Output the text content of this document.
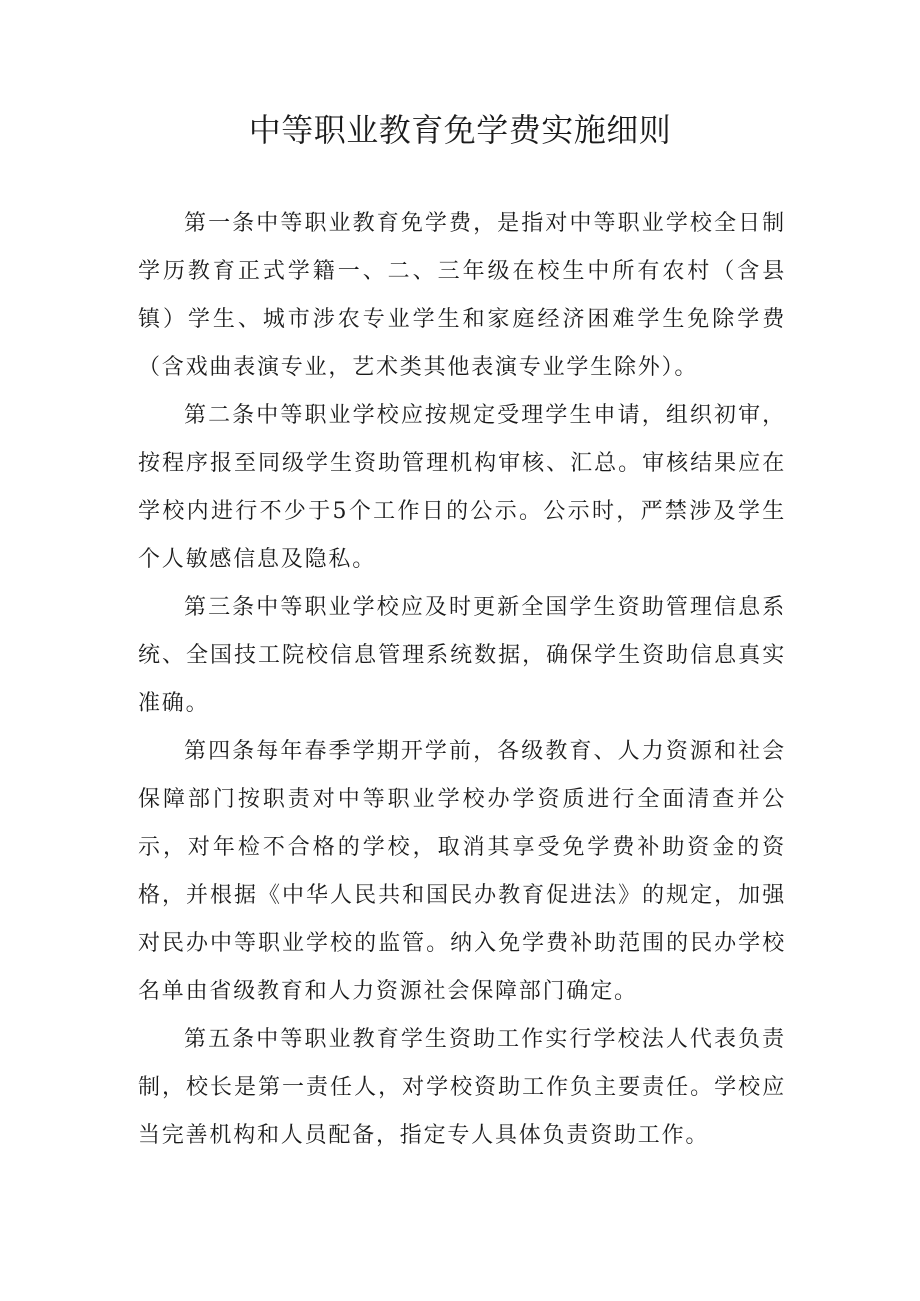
中等职业教育免学费实施细则

第一条中等职业教育免学费，是指对中等职业学校全日制学历教育正式学籍一、二、三年级在校生中所有农村（含县镇）学生、城市涉农专业学生和家庭经济困难学生免除学费（含戏曲表演专业，艺术类其他表演专业学生除外）。

第二条中等职业学校应按规定受理学生申请，组织初审，按程序报至同级学生资助管理机构审核、汇总。审核结果应在学校内进行不少于5个工作日的公示。公示时，严禁涉及学生个人敏感信息及隐私。

第三条中等职业学校应及时更新全国学生资助管理信息系统、全国技工院校信息管理系统数据，确保学生资助信息真实准确。

第四条每年春季学期开学前，各级教育、人力资源和社会保障部门按职责对中等职业学校办学资质进行全面清查并公示，对年检不合格的学校，取消其享受免学费补助资金的资格，并根据《中华人民共和国民办教育促进法》的规定，加强对民办中等职业学校的监管。纳入免学费补助范围的民办学校名单由省级教育和人力资源社会保障部门确定。

第五条中等职业教育学生资助工作实行学校法人代表负责制，校长是第一责任人，对学校资助工作负主要责任。学校应当完善机构和人员配备，指定专人具体负责资助工作。
